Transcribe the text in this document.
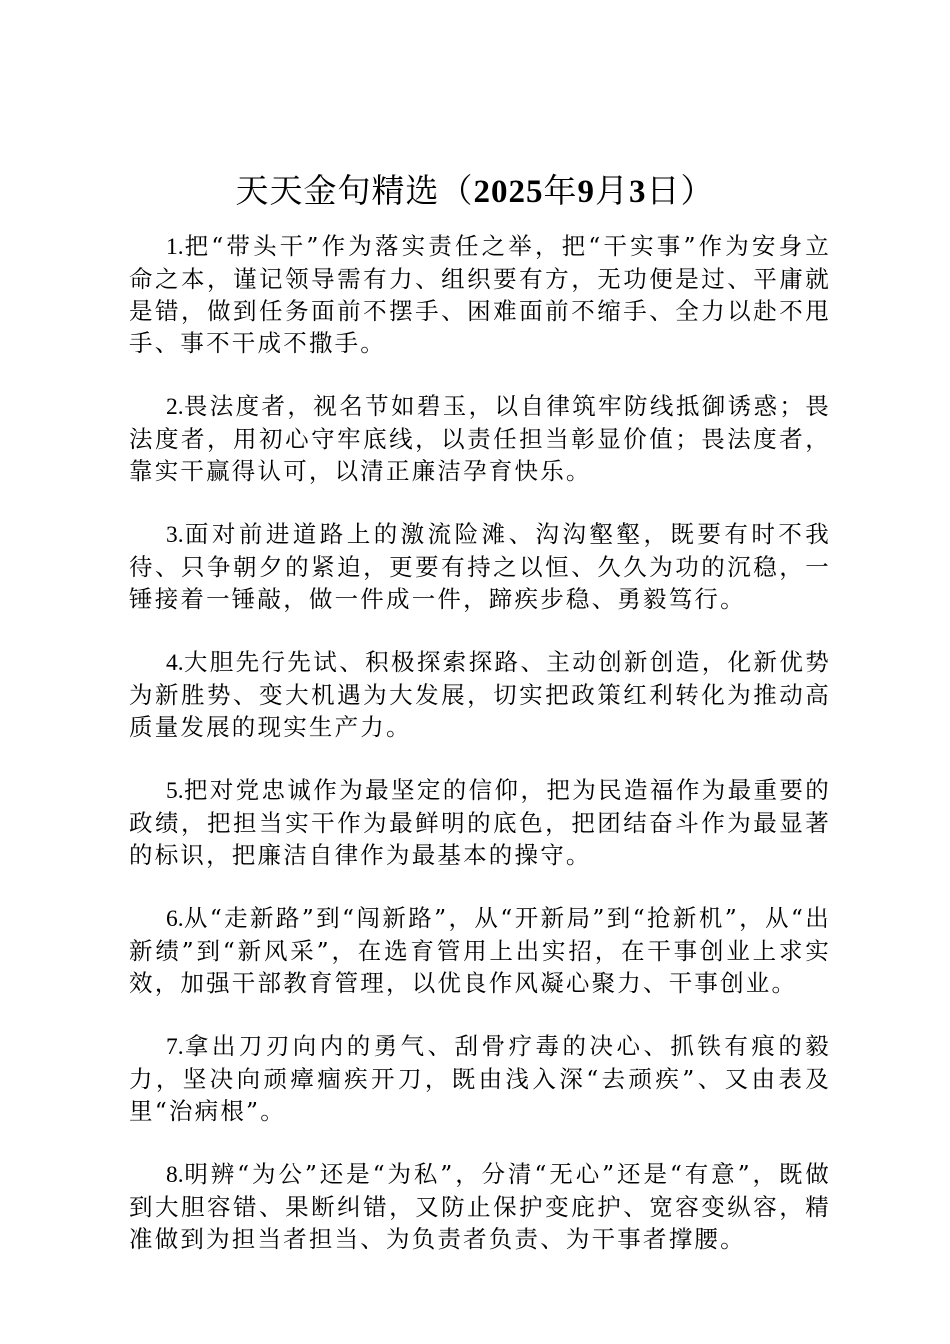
天天金句精选（2025年9月3日）

1.把“带头干”作为落实责任之举，把“干实事”作为安身立命之本，谨记领导需有力、组织要有方，无功便是过、平庸就是错，做到任务面前不摆手、困难面前不缩手、全力以赴不甩手、事不干成不撒手。

2.畏法度者，视名节如碧玉，以自律筑牢防线抵御诱惑；畏法度者，用初心守牢底线，以责任担当彰显价值；畏法度者，靠实干赢得认可，以清正廉洁孕育快乐。

3.面对前进道路上的激流险滩、沟沟壑壑，既要有时不我待、只争朝夕的紧迫，更要有持之以恒、久久为功的沉稳，一锤接着一锤敲，做一件成一件，蹄疾步稳、勇毅笃行。

4.大胆先行先试、积极探索探路、主动创新创造，化新优势为新胜势、变大机遇为大发展，切实把政策红利转化为推动高质量发展的现实生产力。

5.把对党忠诚作为最坚定的信仰，把为民造福作为最重要的政绩，把担当实干作为最鲜明的底色，把团结奋斗作为最显著的标识，把廉洁自律作为最基本的操守。

6.从“走新路”到“闯新路”，从“开新局”到“抢新机”，从“出新绩”到“新风采”，在选育管用上出实招，在干事创业上求实效，加强干部教育管理，以优良作风凝心聚力、干事创业。

7.拿出刀刃向内的勇气、刮骨疗毒的决心、抓铁有痕的毅力，坚决向顽瘴痼疾开刀，既由浅入深“去顽疾”、又由表及里“治病根”。

8.明辨“为公”还是“为私”，分清“无心”还是“有意”，既做到大胆容错、果断纠错，又防止保护变庇护、宽容变纵容，精准做到为担当者担当、为负责者负责、为干事者撑腰。
